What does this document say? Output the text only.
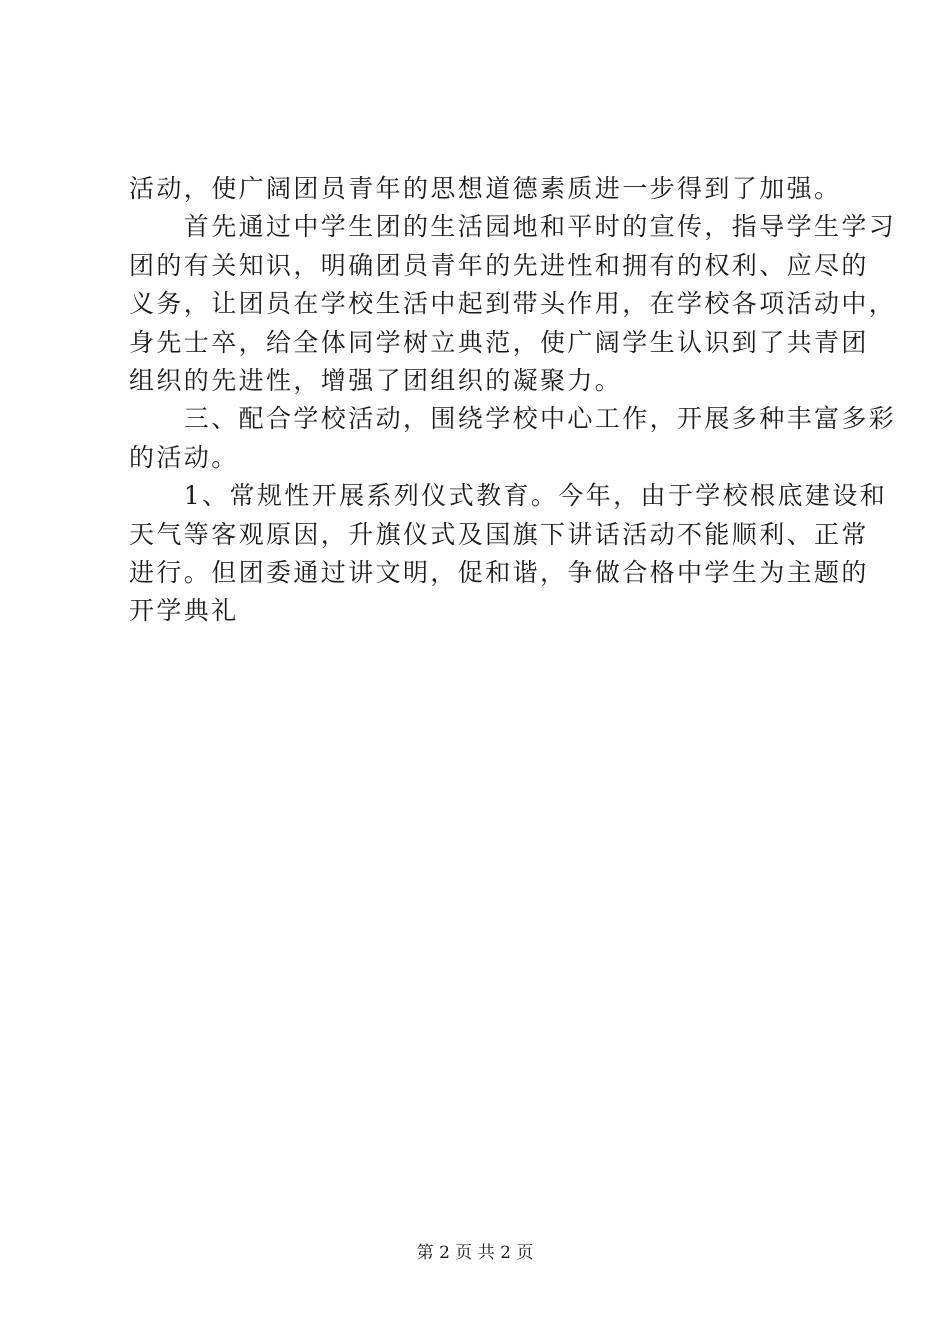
活动，使广阔团员青年的思想道德素质进一步得到了加强。
　　首先通过中学生团的生活园地和平时的宣传，指导学生学习
团的有关知识，明确团员青年的先进性和拥有的权利、应尽的
义务，让团员在学校生活中起到带头作用，在学校各项活动中，
身先士卒，给全体同学树立典范，使广阔学生认识到了共青团
组织的先进性，增强了团组织的凝聚力。
　　三、配合学校活动，围绕学校中心工作，开展多种丰富多彩
的活动。
　　1、常规性开展系列仪式教育。今年，由于学校根底建设和
天气等客观原因，升旗仪式及国旗下讲话活动不能顺利、正常
进行。但团委通过讲文明，促和谐，争做合格中学生为主题的
开学典礼
第 2 页 共 2 页
